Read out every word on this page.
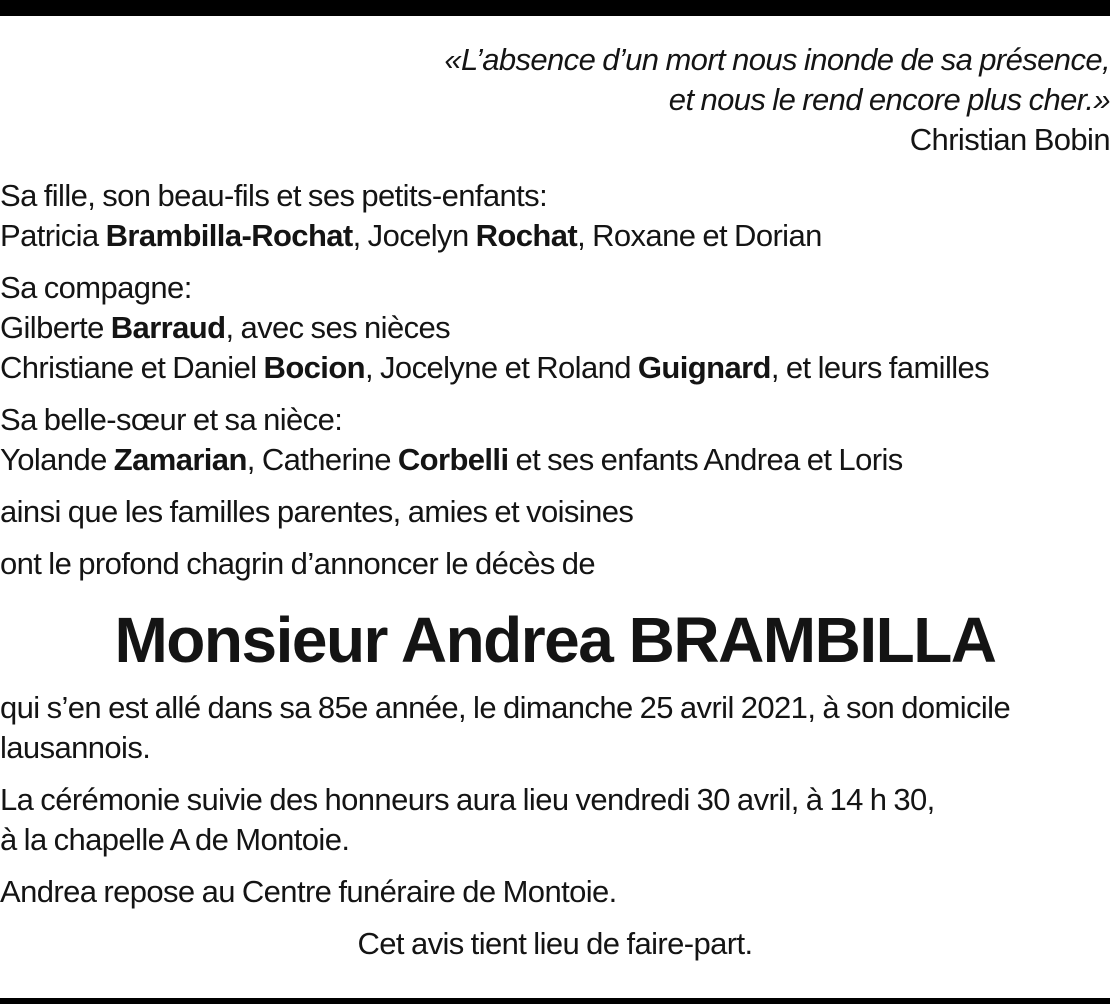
«L’absence d’un mort nous inonde de sa présence,
et nous le rend encore plus cher.»
Christian Bobin
Sa fille, son beau-fils et ses petits-enfants:
Patricia Brambilla-Rochat, Jocelyn Rochat, Roxane et Dorian
Sa compagne:
Gilberte Barraud, avec ses nièces
Christiane et Daniel Bocion, Jocelyne et Roland Guignard, et leurs familles
Sa belle-sœur et sa nièce:
Yolande Zamarian, Catherine Corbelli et ses enfants Andrea et Loris

ainsi que les familles parentes, amies et voisines

ont le profond chagrin d’annoncer le décès de

Monsieur Andrea BRAMBILLA
qui s’en est allé dans sa 85e année, le dimanche 25 avril 2021, à son domicile
lausannois.
La cérémonie suivie des honneurs aura lieu vendredi 30 avril, à 14 h 30,
à la chapelle A de Montoie.

Andrea repose au Centre funéraire de Montoie.

Cet avis tient lieu de faire-part.
